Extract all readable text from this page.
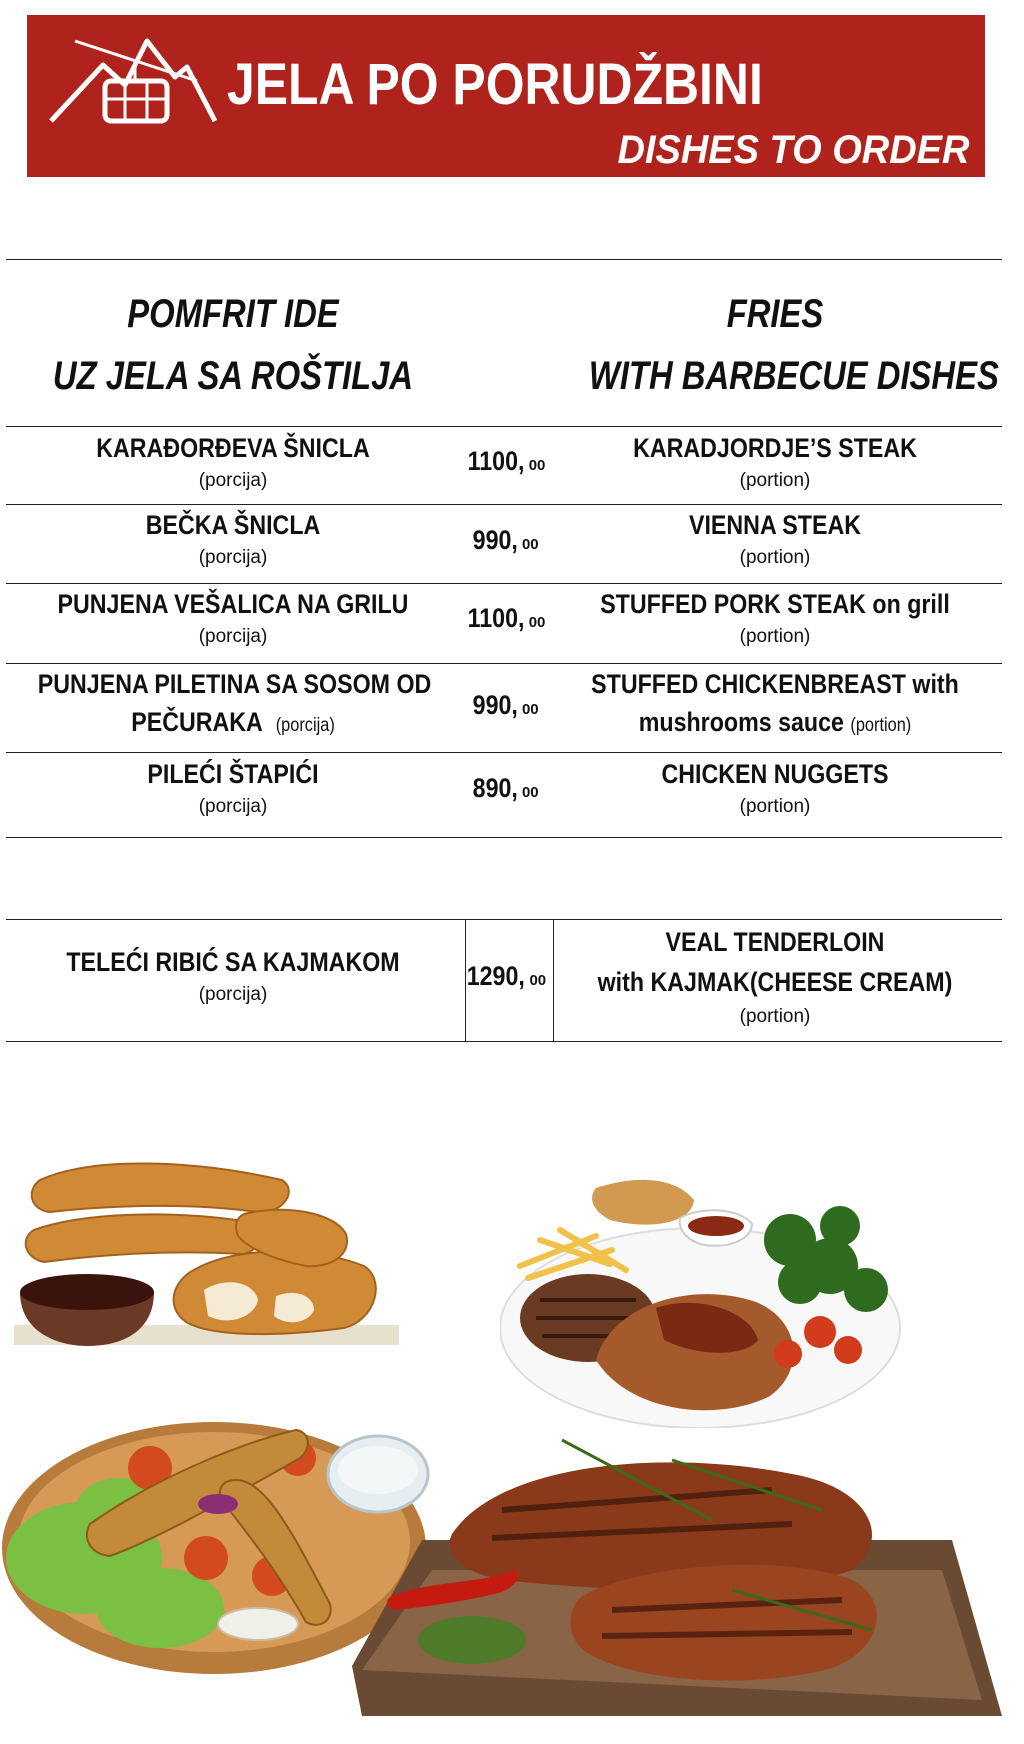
JELA PO PORUDŽBINI
DISHES TO ORDER
POMFRIT IDE
UZ JELA SA ROŠTILJA
FRIES
WITH BARBECUE DISHES
KARAĐORĐEVA ŠNICLA
(porcija)
1100, 00
KARADJORDJE’S STEAK
(portion)
BEČKA ŠNICLA
(porcija)
990, 00
VIENNA STEAK
(portion)
PUNJENA VEŠALICA NA GRILU
(porcija)
1100, 00
STUFFED PORK STEAK on grill
(portion)
PUNJENA PILETINA SA SOSOM OD
PEČURAKA (porcija)
990, 00
STUFFED CHICKENBREAST with
mushrooms sauce (portion)
PILEĆI ŠTAPIĆI
(porcija)
890, 00
CHICKEN NUGGETS
(portion)
TELEĆI RIBIĆ SA KAJMAKOM
(porcija)
1290, 00
VEAL TENDERLOIN
with KAJMAK(CHEESE CREAM)
(portion)
